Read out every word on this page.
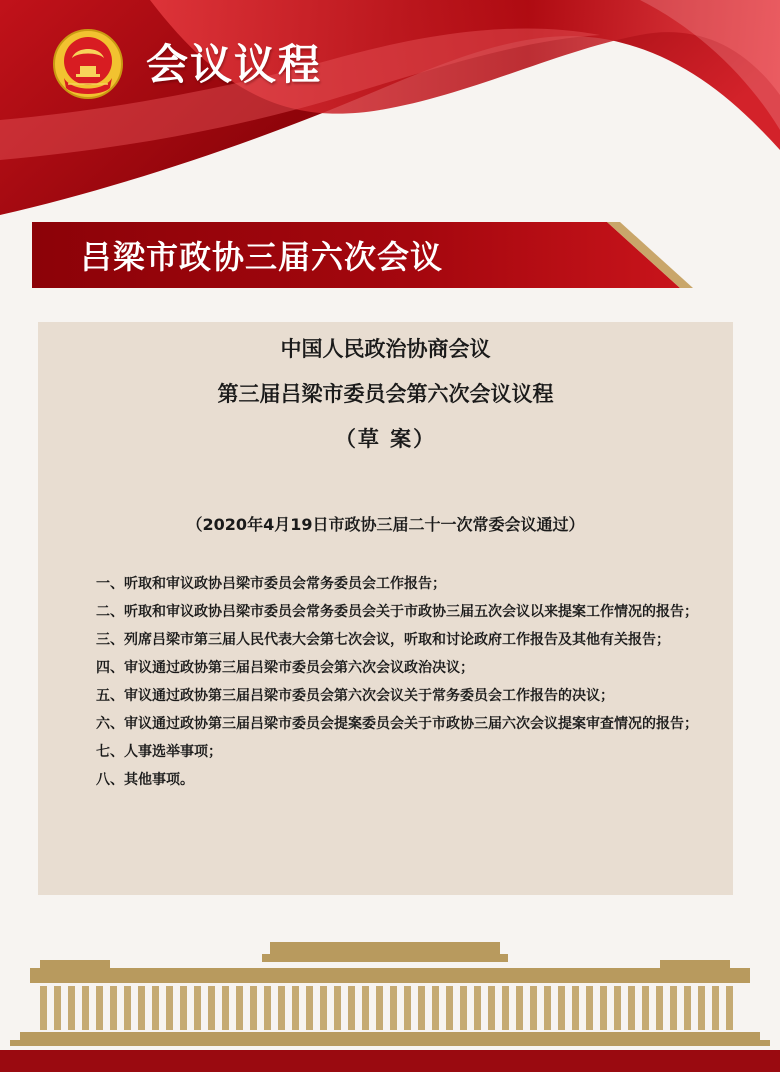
会议议程
吕梁市政协三届六次会议
中国人民政治协商会议
第三届吕梁市委员会第六次会议议程
（草 案）
（2020年4月19日市政协三届二十一次常委会议通过）
一、听取和审议政协吕梁市委员会常务委员会工作报告；
二、听取和审议政协吕梁市委员会常务委员会关于市政协三届五次会议以来提案工作情况的报告；
三、列席吕梁市第三届人民代表大会第七次会议，听取和讨论政府工作报告及其他有关报告；
四、审议通过政协第三届吕梁市委员会第六次会议政治决议；
五、审议通过政协第三届吕梁市委员会第六次会议关于常务委员会工作报告的决议；
六、审议通过政协第三届吕梁市委员会提案委员会关于市政协三届六次会议提案审查情况的报告；
七、人事选举事项；
八、其他事项。
